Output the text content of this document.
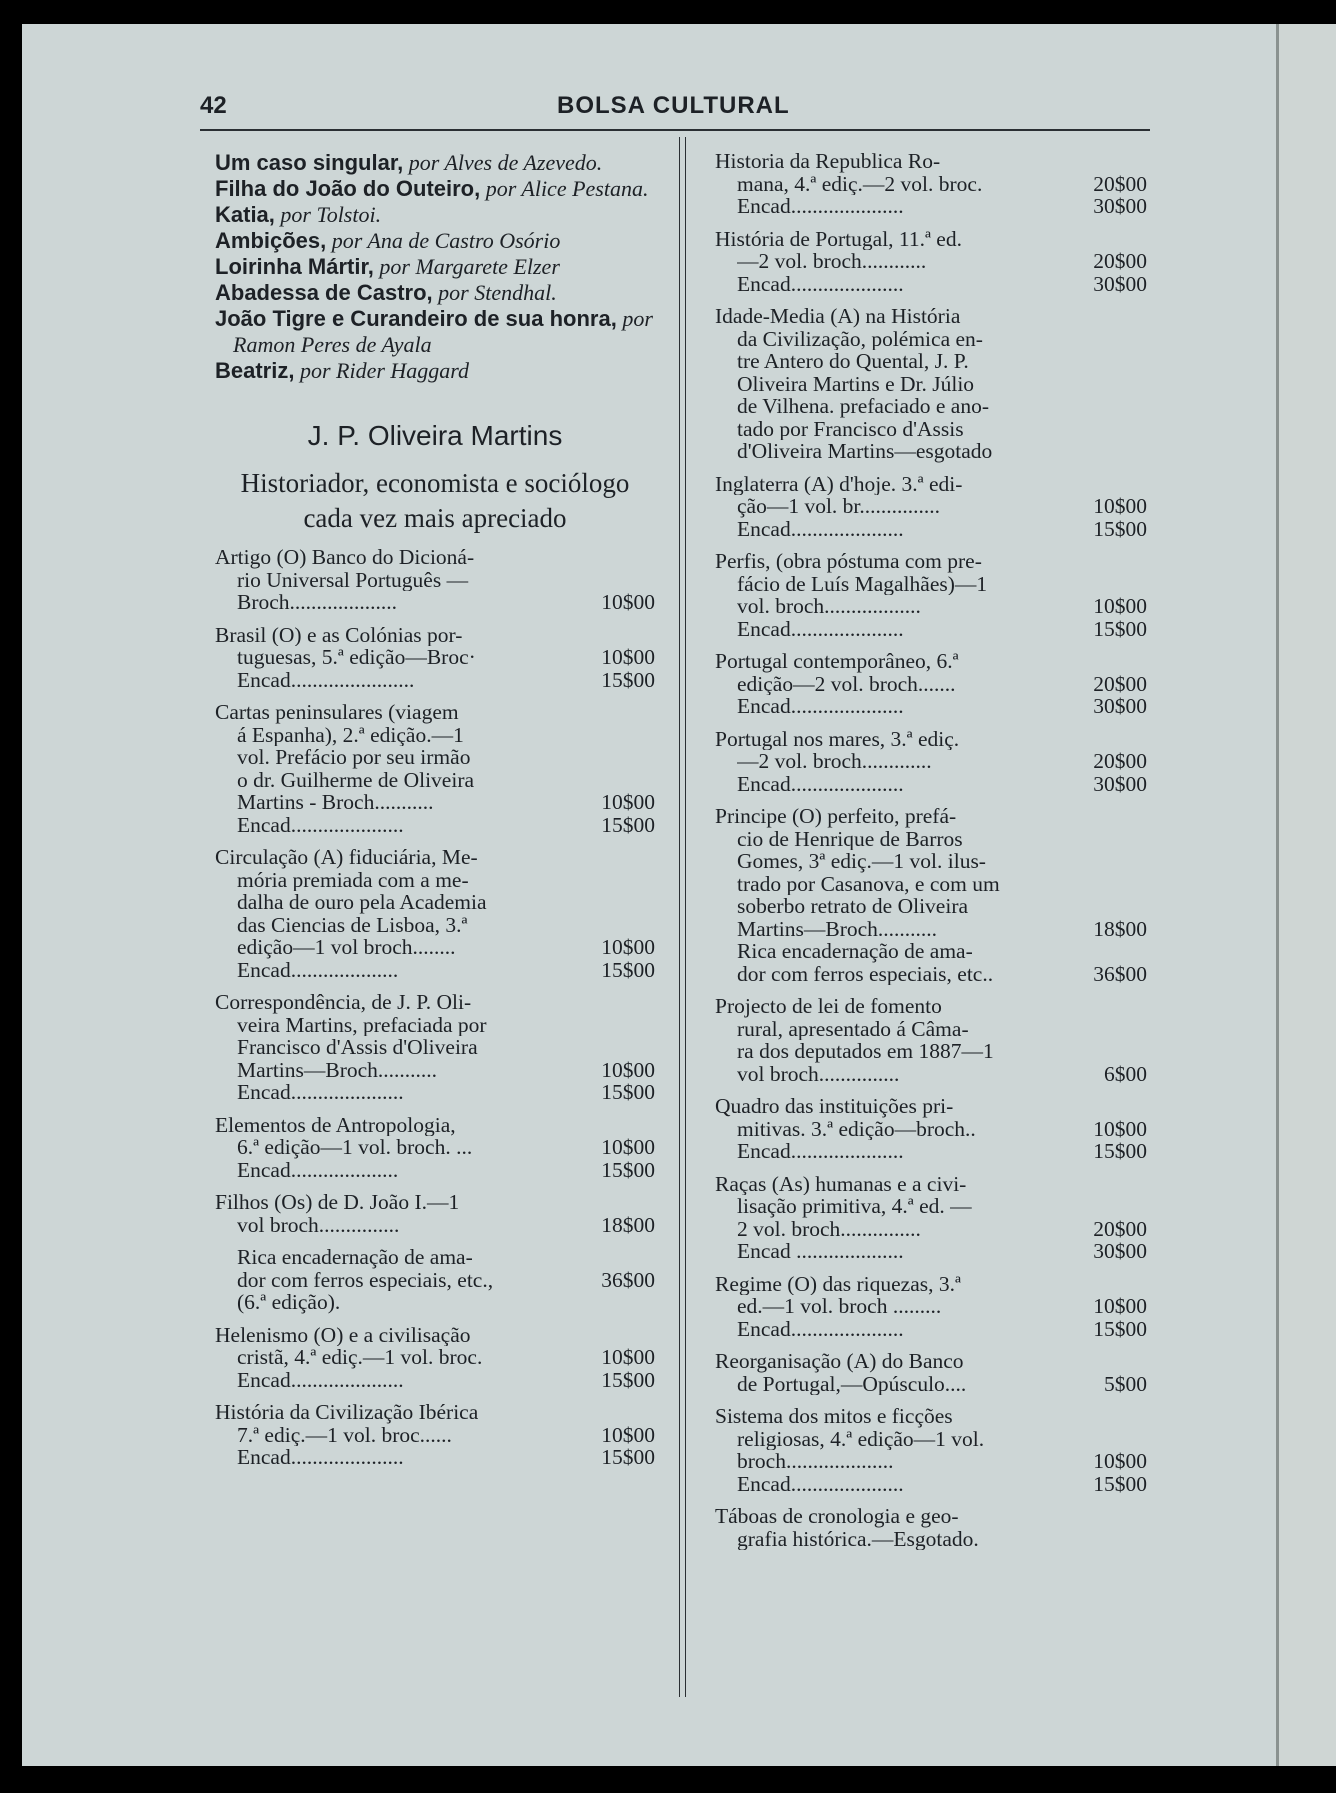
42	BOLSA CULTURAL
Um caso singular, por Alves de Azevedo.
Filha do João do Outeiro, por Alice Pestana.
Katia, por Tolstoi.
Ambições, por Ana de Castro Osório
Loirinha Mártir, por Margarete Elzer
Abadessa de Castro, por Stendhal.
João Tigre e Curandeiro de sua honra, por Ramon Peres de Ayala
Beatriz, por Rider Haggard
J. P. Oliveira Martins
Historiador, economista e sociólogo cada vez mais apreciado
Artigo (O) Banco do Dicioná-
rio Universal Português —
Broch....................	10$00
Brasil (O) e as Colónias por-
tuguesas, 5.ª edição—Broc·	10$00
Encad.......................	15$00
Cartas peninsulares (viagem
á Espanha), 2.ª edição.—1
vol. Prefácio por seu irmão
o dr. Guilherme de Oliveira
Martins - Broch...........	10$00
Encad.....................	15$00
Circulação (A) fiduciária, Me-
mória premiada com a me-
dalha de ouro pela Academia
das Ciencias de Lisboa, 3.ª
edição—1 vol broch........	10$00
Encad....................	15$00
Correspondência, de J. P. Oli-
veira Martins, prefaciada por
Francisco d'Assis d'Oliveira
Martins—Broch...........	10$00
Encad.....................	15$00
Elementos de Antropologia,
6.ª edição—1 vol. broch. ...	10$00
Encad....................	15$00
Filhos (Os) de D. João I.—1
vol broch...............	18$00
Rica encadernação de ama-
dor com ferros especiais, etc.,	36$00
(6.ª edição).
Helenismo (O) e a civilisação
cristã, 4.ª ediç.—1 vol. broc.	10$00
Encad.....................	15$00
História da Civilização Ibérica
7.ª ediç.—1 vol. broc......	10$00
Encad.....................	15$00
Historia da Republica Ro-
mana, 4.ª ediç.—2 vol. broc.	20$00
Encad.....................	30$00
História de Portugal, 11.ª ed.
—2 vol. broch............	20$00
Encad.....................	30$00
Idade-Media (A) na História
da Civilização, polémica en-
tre Antero do Quental, J. P.
Oliveira Martins e Dr. Júlio
de Vilhena. prefaciado e ano-
tado por Francisco d'Assis
d'Oliveira Martins—esgotado
Inglaterra (A) d'hoje. 3.ª edi-
ção—1 vol. br...............	10$00
Encad.....................	15$00
Perfis, (obra póstuma com pre-
fácio de Luís Magalhães)—1
vol. broch..................	10$00
Encad.....................	15$00
Portugal contemporâneo, 6.ª
edição—2 vol. broch.......	20$00
Encad.....................	30$00
Portugal nos mares, 3.ª ediç.
—2 vol. broch.............	20$00
Encad.....................	30$00
Principe (O) perfeito, prefá-
cio de Henrique de Barros
Gomes, 3ª ediç.—1 vol. ilus-
trado por Casanova, e com um
soberbo retrato de Oliveira
Martins—Broch...........	18$00
Rica encadernação de ama-
dor com ferros especiais, etc..	36$00
Projecto de lei de fomento
rural, apresentado á Câma-
ra dos deputados em 1887—1
vol broch...............	6$00
Quadro das instituições pri-
mitivas. 3.ª edição—broch..	10$00
Encad.....................	15$00
Raças (As) humanas e a civi-
lisação primitiva, 4.ª ed. —
2 vol. broch...............	20$00
Encad ....................	30$00
Regime (O) das riquezas, 3.ª
ed.—1 vol. broch .........	10$00
Encad.....................	15$00
Reorganisação (A) do Banco
de Portugal,—Opúsculo....	5$00
Sistema dos mitos e ficções
religiosas, 4.ª edição—1 vol.
broch....................	10$00
Encad.....................	15$00
Táboas de cronologia e geo-
grafia histórica.—Esgotado.
